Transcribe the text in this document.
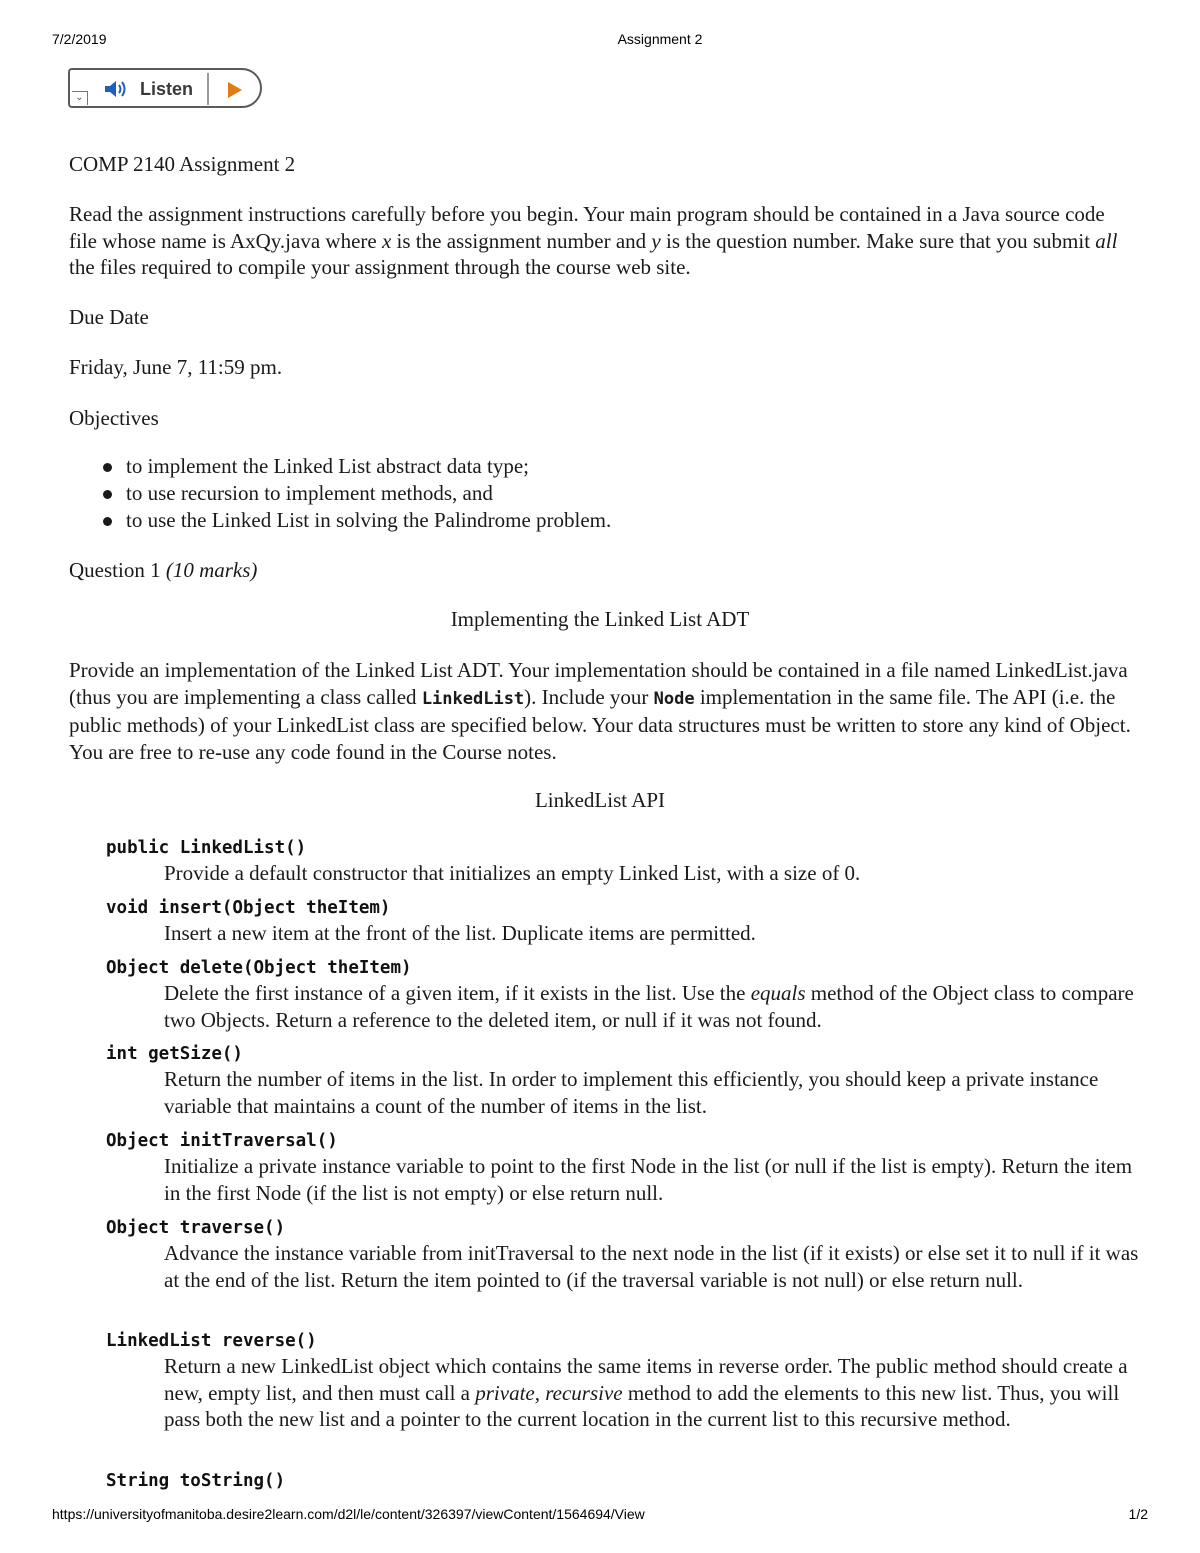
7/2/2019	Assignment 2
⌄	Listen
COMP 2140 Assignment 2
Read the assignment instructions carefully before you begin. Your main program should be contained in a Java source code file whose name is AxQy.java where x is the assignment number and y is the question number. Make sure that you submit all the files required to compile your assignment through the course web site.
Due Date
Friday, June 7, 11:59 pm.
Objectives
to implement the Linked List abstract data type;
to use recursion to implement methods, and
to use the Linked List in solving the Palindrome problem.
Question 1 (10 marks)
Implementing the Linked List ADT
Provide an implementation of the Linked List ADT. Your implementation should be contained in a file named LinkedList.java (thus you are implementing a class called LinkedList). Include your Node implementation in the same file. The API (i.e. the public methods) of your LinkedList class are specified below. Your data structures must be written to store any kind of Object. You are free to re-use any code found in the Course notes.
LinkedList API
public LinkedList()
Provide a default constructor that initializes an empty Linked List, with a size of 0.
void insert(Object theItem)
Insert a new item at the front of the list. Duplicate items are permitted.
Object delete(Object theItem)
Delete the first instance of a given item, if it exists in the list. Use the equals method of the Object class to compare two Objects. Return a reference to the deleted item, or null if it was not found.
int getSize()
Return the number of items in the list. In order to implement this efficiently, you should keep a private instance variable that maintains a count of the number of items in the list.
Object initTraversal()
Initialize a private instance variable to point to the first Node in the list (or null if the list is empty). Return the item in the first Node (if the list is not empty) or else return null.
Object traverse()
Advance the instance variable from initTraversal to the next node in the list (if it exists) or else set it to null if it was at the end of the list. Return the item pointed to (if the traversal variable is not null) or else return null.
LinkedList reverse()
Return a new LinkedList object which contains the same items in reverse order. The public method should create a new, empty list, and then must call a private, recursive method to add the elements to this new list. Thus, you will pass both the new list and a pointer to the current location in the current list to this recursive method.
String toString()
https://universityofmanitoba.desire2learn.com/d2l/le/content/326397/viewContent/1564694/View	1/2
